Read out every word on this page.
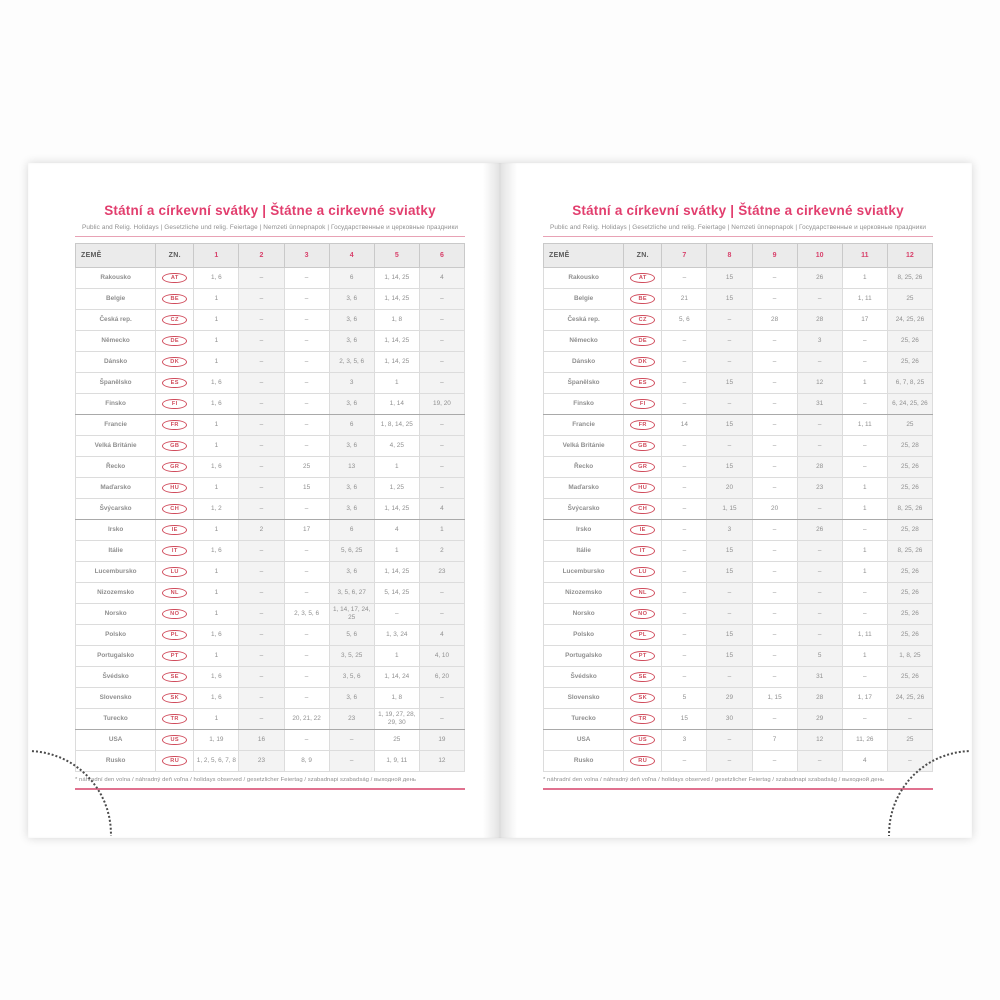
Státní a církevní svátky | Štátne a cirkevné sviatky
Public and Relig. Holidays | Gesetzliche und relig. Feiertage | Nemzeti ünnepnapok | Государственные и церковные праздники
ZEMĚ	ZN.	1	2	3	4	5	6
Rakousko	AT	1, 6	–	–	6	1, 14, 25	4
Belgie	BE	1	–	–	3, 6	1, 14, 25	–
Česká rep.	CZ	1	–	–	3, 6	1, 8	–
Německo	DE	1	–	–	3, 6	1, 14, 25	–
Dánsko	DK	1	–	–	2, 3, 5, 6	1, 14, 25	–
Španělsko	ES	1, 6	–	–	3	1	–
Finsko	FI	1, 6	–	–	3, 6	1, 14	19, 20
Francie	FR	1	–	–	6	1, 8, 14, 25	–
Velká Británie	GB	1	–	–	3, 6	4, 25	–
Řecko	GR	1, 6	–	25	13	1	–
Maďarsko	HU	1	–	15	3, 6	1, 25	–
Švýcarsko	CH	1, 2	–	–	3, 6	1, 14, 25	4
Irsko	IE	1	2	17	6	4	1
Itálie	IT	1, 6	–	–	5, 6, 25	1	2
Lucembursko	LU	1	–	–	3, 6	1, 14, 25	23
Nizozemsko	NL	1	–	–	3, 5, 6, 27	5, 14, 25	–
Norsko	NO	1	–	2, 3, 5, 6	1, 14, 17, 24, 25	–	–
Polsko	PL	1, 6	–	–	5, 6	1, 3, 24	4
Portugalsko	PT	1	–	–	3, 5, 25	1	4, 10
Švédsko	SE	1, 6	–	–	3, 5, 6	1, 14, 24	6, 20
Slovensko	SK	1, 6	–	–	3, 6	1, 8	–
Turecko	TR	1	–	20, 21, 22	23	1, 19, 27, 28, 29, 30	–
USA	US	1, 19	16	–	–	25	19
Rusko	RU	1, 2, 5, 6, 7, 8	23	8, 9	–	1, 9, 11	12
* náhradní den volna / náhradný deň voľna / holidays observed / gesetzlicher Feiertag / szabadnapi szabadság / выходной день
Státní a církevní svátky | Štátne a cirkevné sviatky
Public and Relig. Holidays | Gesetzliche und relig. Feiertage | Nemzeti ünnepnapok | Государственные и церковные праздники
ZEMĚ	ZN.	7	8	9	10	11	12
Rakousko	AT	–	15	–	26	1	8, 25, 26
Belgie	BE	21	15	–	–	1, 11	25
Česká rep.	CZ	5, 6	–	28	28	17	24, 25, 26
Německo	DE	–	–	–	3	–	25, 26
Dánsko	DK	–	–	–	–	–	25, 26
Španělsko	ES	–	15	–	12	1	6, 7, 8, 25
Finsko	FI	–	–	–	31	–	6, 24, 25, 26
Francie	FR	14	15	–	–	1, 11	25
Velká Británie	GB	–	–	–	–	–	25, 28
Řecko	GR	–	15	–	28	–	25, 26
Maďarsko	HU	–	20	–	23	1	25, 26
Švýcarsko	CH	–	1, 15	20	–	1	8, 25, 26
Irsko	IE	–	3	–	26	–	25, 28
Itálie	IT	–	15	–	–	1	8, 25, 26
Lucembursko	LU	–	15	–	–	1	25, 26
Nizozemsko	NL	–	–	–	–	–	25, 26
Norsko	NO	–	–	–	–	–	25, 26
Polsko	PL	–	15	–	–	1, 11	25, 26
Portugalsko	PT	–	15	–	5	1	1, 8, 25
Švédsko	SE	–	–	–	31	–	25, 26
Slovensko	SK	5	29	1, 15	28	1, 17	24, 25, 26
Turecko	TR	15	30	–	29	–	–
USA	US	3	–	7	12	11, 26	25
Rusko	RU	–	–	–	–	4	–
* náhradní den volna / náhradný deň voľna / holidays observed / gesetzlicher Feiertag / szabadnapi szabadság / выходной день
